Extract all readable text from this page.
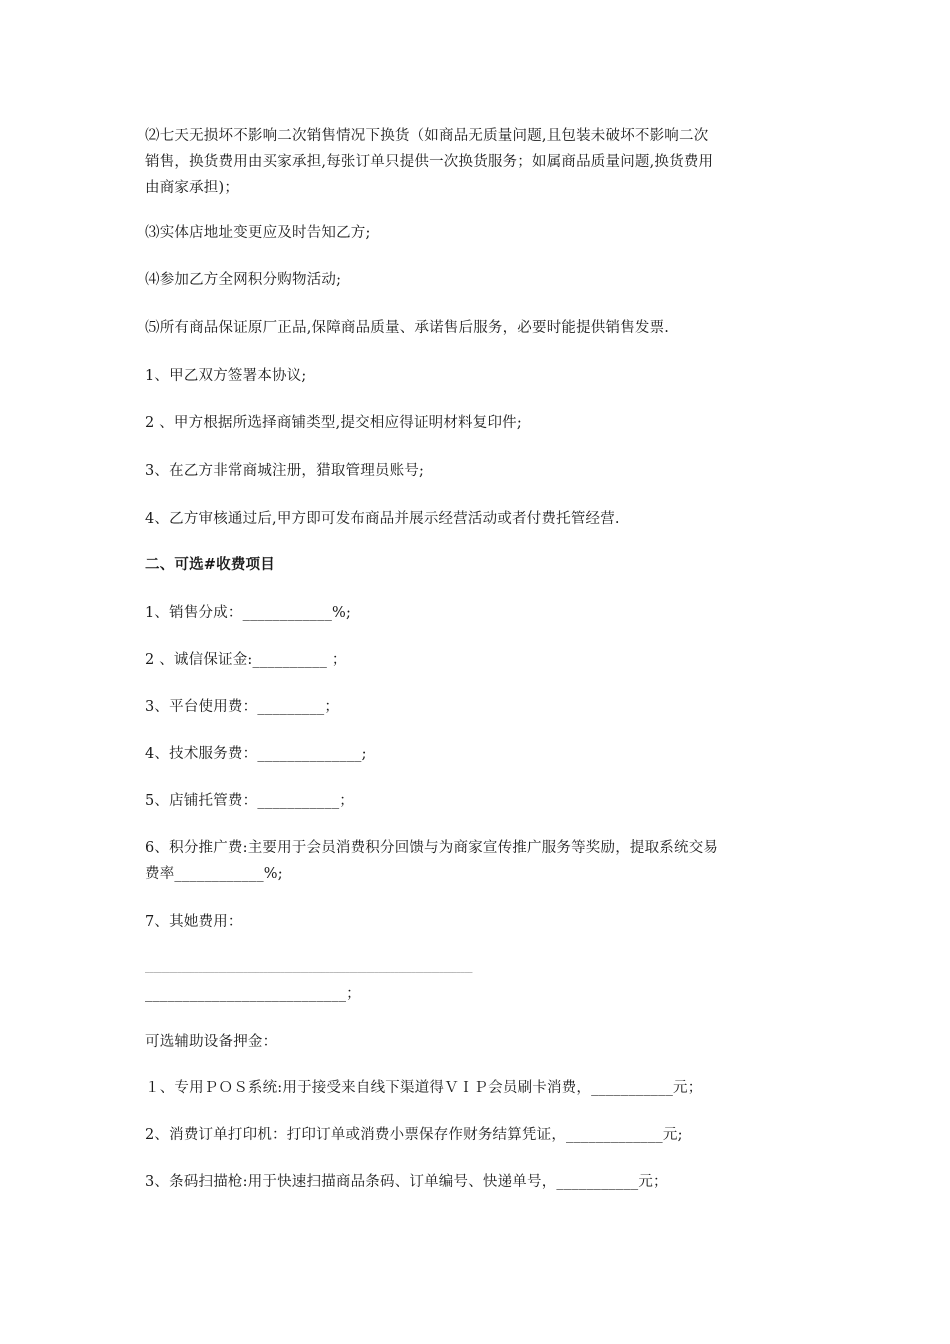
⑵七天无损坏不影响二次销售情况下换货（如商品无质量问题,且包装未破坏不影响二次
销售，换货费用由买家承担,每张订单只提供一次换货服务；如属商品质量问题,换货费用
由商家承担)；
⑶实体店地址变更应及时告知乙方;
⑷参加乙方全网积分购物活动;
⑸所有商品保证原厂正品,保障商品质量、承诺售后服务，必要时能提供销售发票.
1、甲乙双方签署本协议;
2 、甲方根据所选择商铺类型,提交相应得证明材料复印件;
3、在乙方非常商城注册，猎取管理员账号;
4、乙方审核通过后,甲方即可发布商品并展示经营活动或者付费托管经营.
二、可选#收费项目
1、销售分成：____________%;
2 、诚信保证金:__________ ；
3、平台使用费：_________；
4、技术服务费：______________;
5、店铺托管费：___________；
6、积分推广费:主要用于会员消费积分回馈与为商家宣传推广服务等奖励，提取系统交易
费率____________%;
7、其她费用：
________________________________________________________________________________
___________________________；
可选辅助设备押金：
１、专用ＰＯＳ系统:用于接受来自线下渠道得ＶＩＰ会员刷卡消费，___________元；
2、消费订单打印机：打印订单或消费小票保存作财务结算凭证，_____________元;
3、条码扫描枪:用于快速扫描商品条码、订单编号、快递单号，___________元；
